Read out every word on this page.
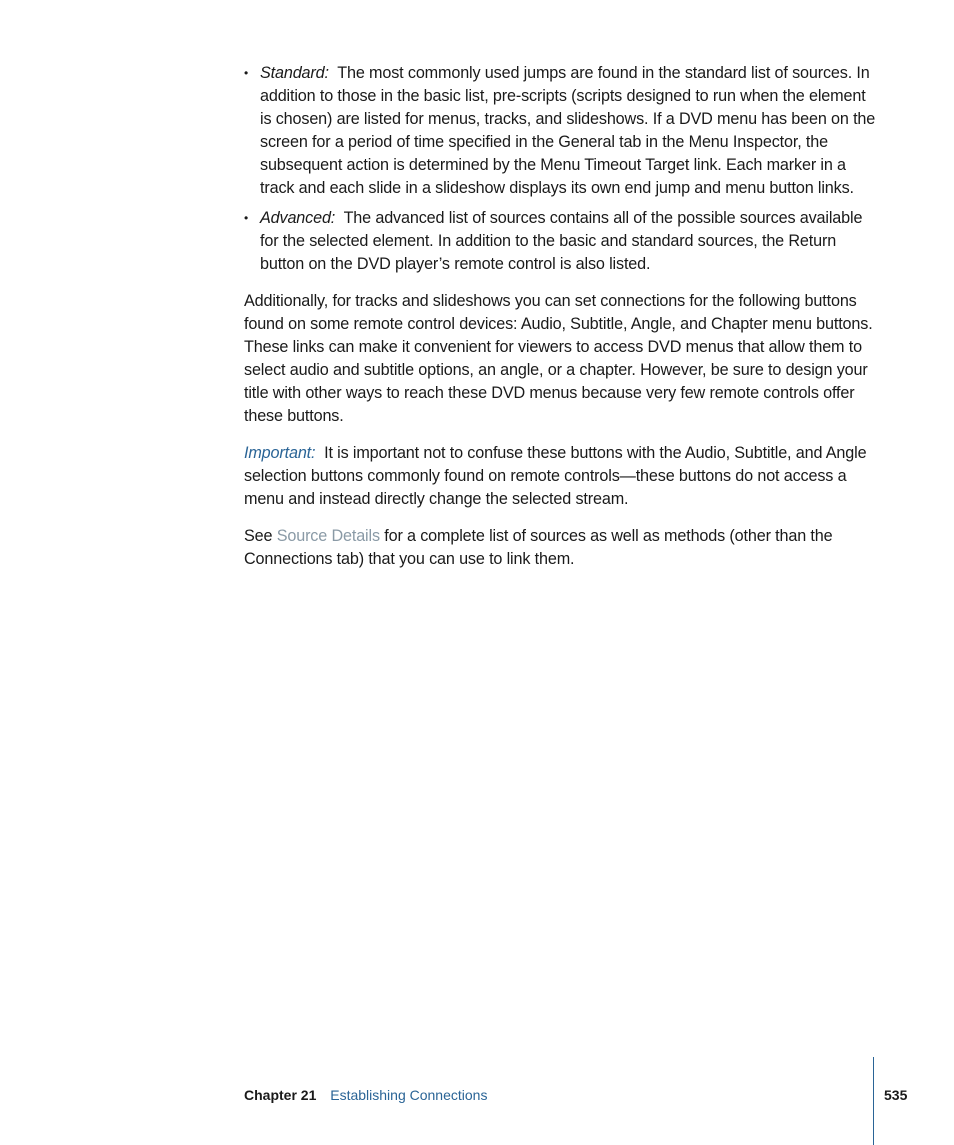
• Standard: The most commonly used jumps are found in the standard list of sources. In addition to those in the basic list, pre-scripts (scripts designed to run when the element is chosen) are listed for menus, tracks, and slideshows. If a DVD menu has been on the screen for a period of time specified in the General tab in the Menu Inspector, the subsequent action is determined by the Menu Timeout Target link. Each marker in a track and each slide in a slideshow displays its own end jump and menu button links.
• Advanced: The advanced list of sources contains all of the possible sources available for the selected element. In addition to the basic and standard sources, the Return button on the DVD player’s remote control is also listed.

Additionally, for tracks and slideshows you can set connections for the following buttons found on some remote control devices: Audio, Subtitle, Angle, and Chapter menu buttons. These links can make it convenient for viewers to access DVD menus that allow them to select audio and subtitle options, an angle, or a chapter. However, be sure to design your title with other ways to reach these DVD menus because very few remote controls offer these buttons.

Important: It is important not to confuse these buttons with the Audio, Subtitle, and Angle selection buttons commonly found on remote controls—these buttons do not access a menu and instead directly change the selected stream.

See Source Details for a complete list of sources as well as methods (other than the Connections tab) that you can use to link them.

Chapter 21 Establishing Connections	535
